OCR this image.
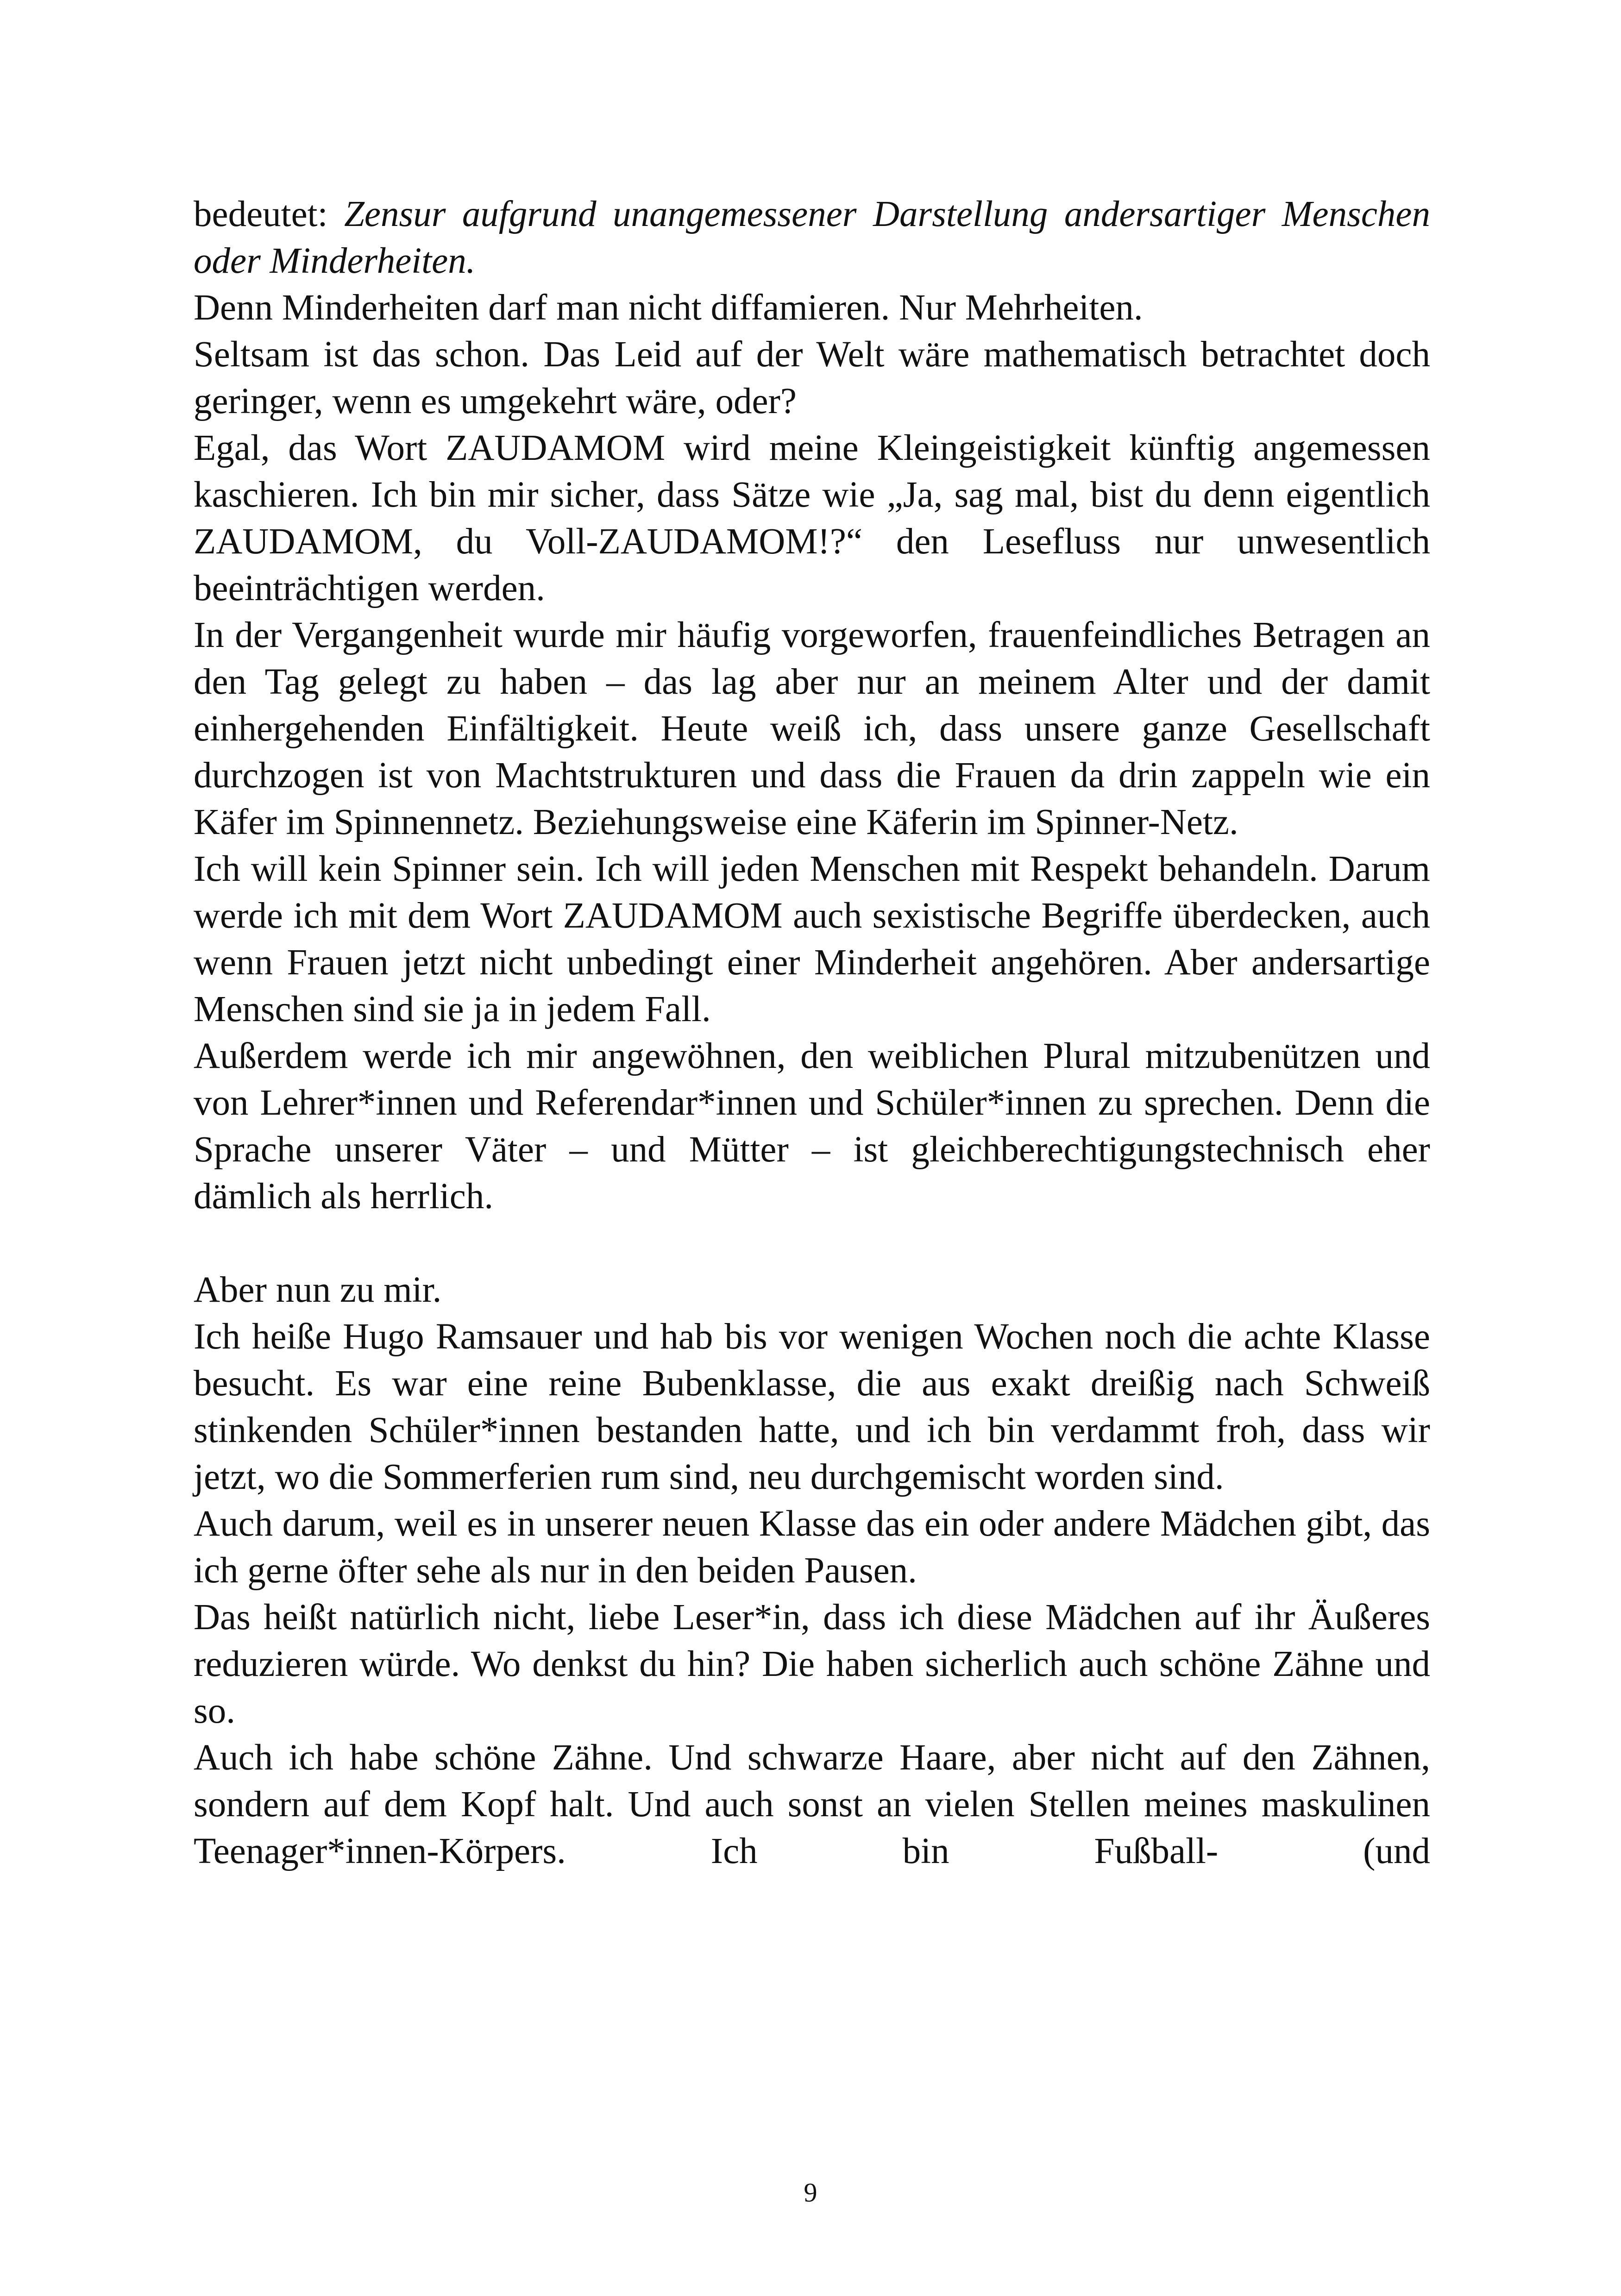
bedeutet: Zensur aufgrund unangemessener Darstellung andersartiger Menschen oder Minderheiten.

Denn Minderheiten darf man nicht diffamieren. Nur Mehrheiten.

Seltsam ist das schon. Das Leid auf der Welt wäre mathematisch betrachtet doch geringer, wenn es umgekehrt wäre, oder?

Egal, das Wort ZAUDAMOM wird meine Kleingeistigkeit künftig angemessen kaschieren. Ich bin mir sicher, dass Sätze wie „Ja, sag mal, bist du denn eigentlich ZAUDAMOM, du Voll-ZAUDAMOM!?“ den Lesefluss nur unwesentlich beeinträchtigen werden.

In der Vergangenheit wurde mir häufig vorgeworfen, frauenfeindliches Betragen an den Tag gelegt zu haben – das lag aber nur an meinem Alter und der damit einhergehenden Einfältigkeit. Heute weiß ich, dass unsere ganze Gesellschaft durchzogen ist von Machtstrukturen und dass die Frauen da drin zappeln wie ein Käfer im Spinnennetz. Beziehungsweise eine Käferin im Spinner-Netz.

Ich will kein Spinner sein. Ich will jeden Menschen mit Respekt behandeln. Darum werde ich mit dem Wort ZAUDAMOM auch sexistische Begriffe überdecken, auch wenn Frauen jetzt nicht unbedingt einer Minderheit angehören. Aber andersartige Menschen sind sie ja in jedem Fall.

Außerdem werde ich mir angewöhnen, den weiblichen Plural mitzubenützen und von Lehrer*innen und Referendar*innen und Schüler*innen zu sprechen. Denn die Sprache unserer Väter – und Mütter – ist gleichberechtigungstechnisch eher dämlich als herrlich.

Aber nun zu mir.

Ich heiße Hugo Ramsauer und hab bis vor wenigen Wochen noch die achte Klasse besucht. Es war eine reine Bubenklasse, die aus exakt dreißig nach Schweiß stinkenden Schüler*innen bestanden hatte, und ich bin verdammt froh, dass wir jetzt, wo die Sommerferien rum sind, neu durchgemischt worden sind.

Auch darum, weil es in unserer neuen Klasse das ein oder andere Mädchen gibt, das ich gerne öfter sehe als nur in den beiden Pausen.

Das heißt natürlich nicht, liebe Leser*in, dass ich diese Mädchen auf ihr Äußeres reduzieren würde. Wo denkst du hin? Die haben sicherlich auch schöne Zähne und so.

Auch ich habe schöne Zähne. Und schwarze Haare, aber nicht auf den Zähnen, sondern auf dem Kopf halt. Und auch sonst an vielen Stellen meines maskulinen Teenager*innen-Körpers. Ich bin Fußball- (und

9
